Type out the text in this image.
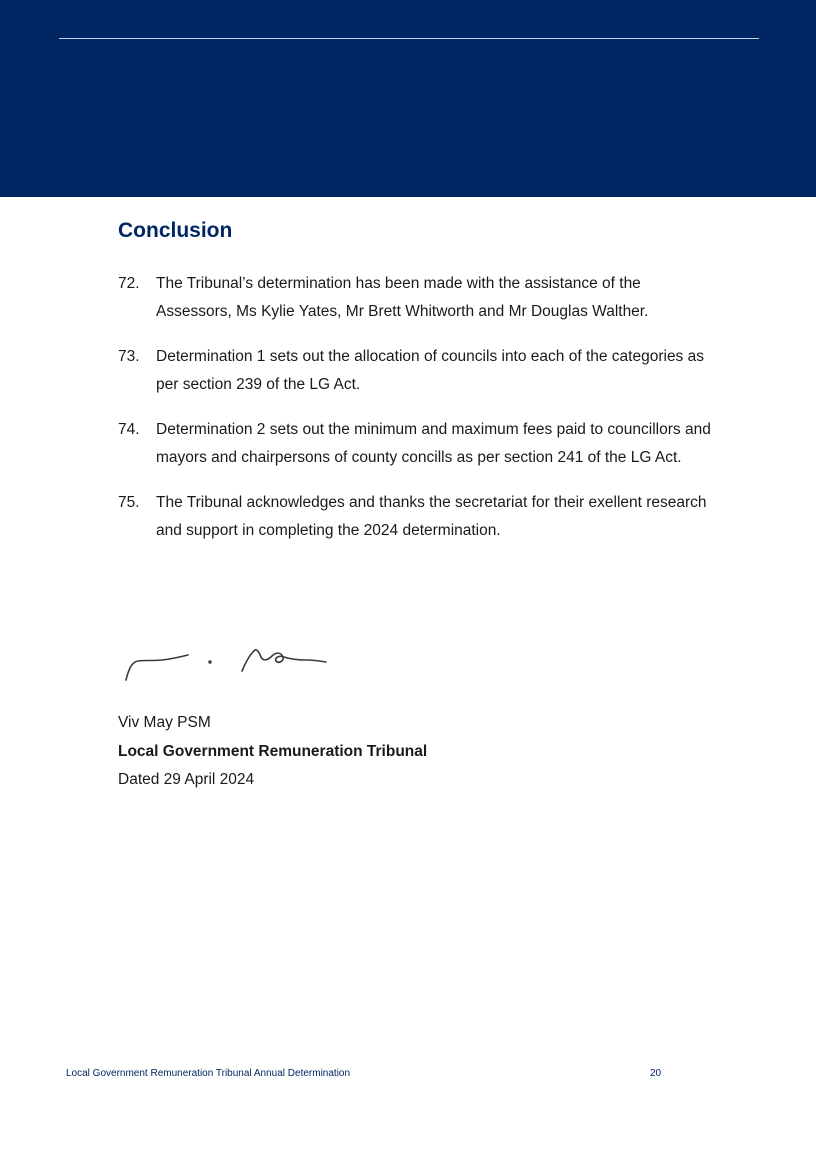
Conclusion
72.	The Tribunal’s determination has been made with the assistance of the Assessors, Ms Kylie Yates, Mr Brett Whitworth and Mr Douglas Walther.
73.	Determination 1 sets out the allocation of councils into each of the categories as per section 239 of the LG Act.
74.	Determination 2 sets out the minimum and maximum fees paid to councillors and mayors and chairpersons of county concills as per section 241 of the LG Act.
75.	The Tribunal acknowledges and thanks the secretariat for their exellent research and support in completing the 2024 determination.
Viv May PSM
Local Government Remuneration Tribunal
Dated 29 April 2024
Local Government Remuneration Tribunal Annual Determination	20
